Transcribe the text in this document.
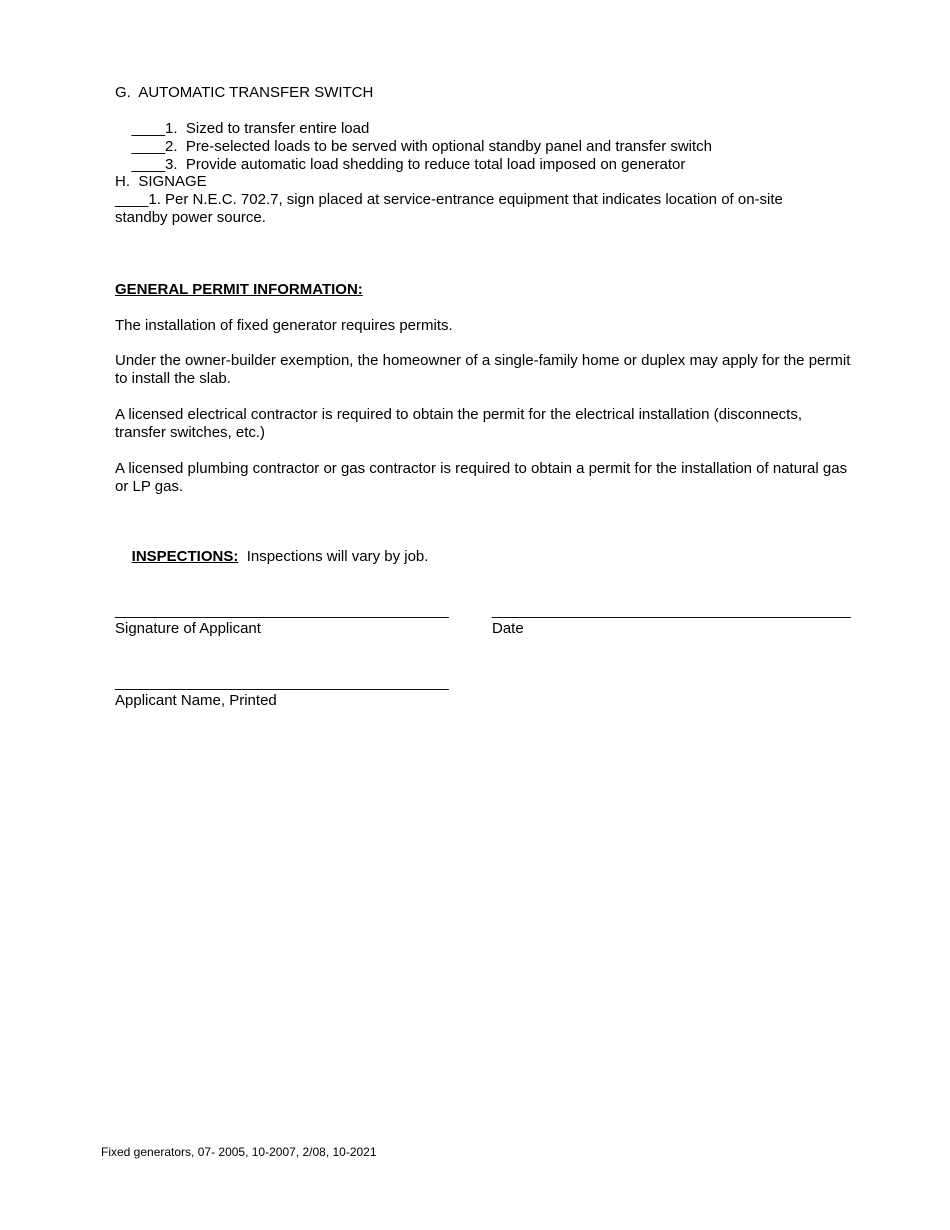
G.  AUTOMATIC TRANSFER SWITCH

____1.  Sized to transfer entire load

____2.  Pre-selected loads to be served with optional standby panel and transfer switch

____3.  Provide automatic load shedding to reduce total load imposed on generator

H.  SIGNAGE
____1. Per N.E.C. 702.7, sign placed at service-entrance equipment that indicates location of on-site standby power source.
GENERAL PERMIT INFORMATION:
The installation of fixed generator requires permits.
Under the owner-builder exemption, the homeowner of a single-family home or duplex may apply for the permit to install the slab.
A licensed electrical contractor is required to obtain the permit for the electrical installation (disconnects, transfer switches, etc.)
A licensed plumbing contractor or gas contractor is required to obtain a permit for the installation of natural gas or LP gas.

INSPECTIONS: Inspections will vary by job.

________________________________________	___________________________________________
Signature of Applicant	Date
________________________________________
Applicant Name, Printed
Fixed generators, 07- 2005, 10-2007, 2/08, 10-2021
